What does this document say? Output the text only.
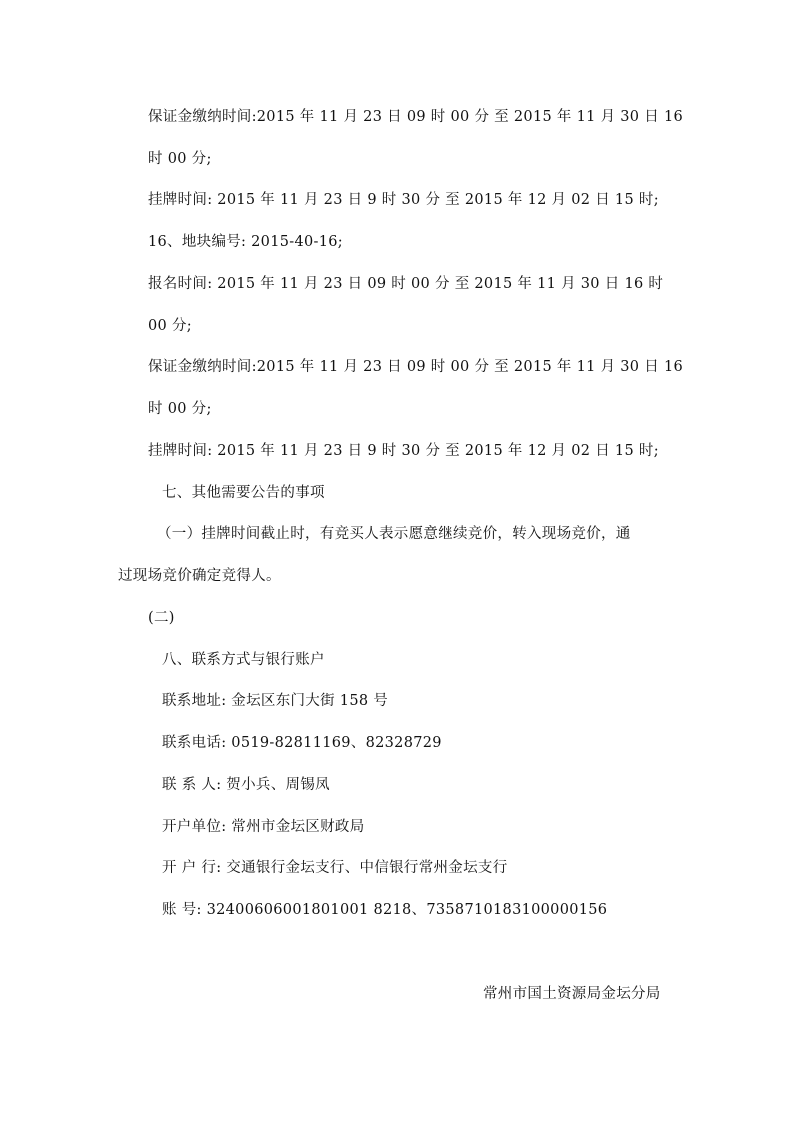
保证金缴纳时间:2015 年 11 月 23 日 09 时 00 分 至 2015 年 11 月 30 日 16
时 00 分;
挂牌时间: 2015 年 11 月 23 日 9 时 30 分 至 2015 年 12 月 02 日 15 时;
16、地块编号: 2015-40-16;
报名时间: 2015 年 11 月 23 日 09 时 00 分 至 2015 年 11 月 30 日 16 时
00 分;
保证金缴纳时间:2015 年 11 月 23 日 09 时 00 分 至 2015 年 11 月 30 日 16
时 00 分;
挂牌时间: 2015 年 11 月 23 日 9 时 30 分 至 2015 年 12 月 02 日 15 时;
七、其他需要公告的事项
（一）挂牌时间截止时，有竞买人表示愿意继续竞价，转入现场竞价，通
过现场竞价确定竞得人。
(二)
八、联系方式与银行账户
联系地址: 金坛区东门大街 158 号
联系电话: 0519-82811169、82328729
联 系 人: 贺小兵、周锡凤
开户单位: 常州市金坛区财政局
开 户 行: 交通银行金坛支行、中信银行常州金坛支行
账 号: 32400606001801001 8218、7358710183100000156
常州市国土资源局金坛分局
